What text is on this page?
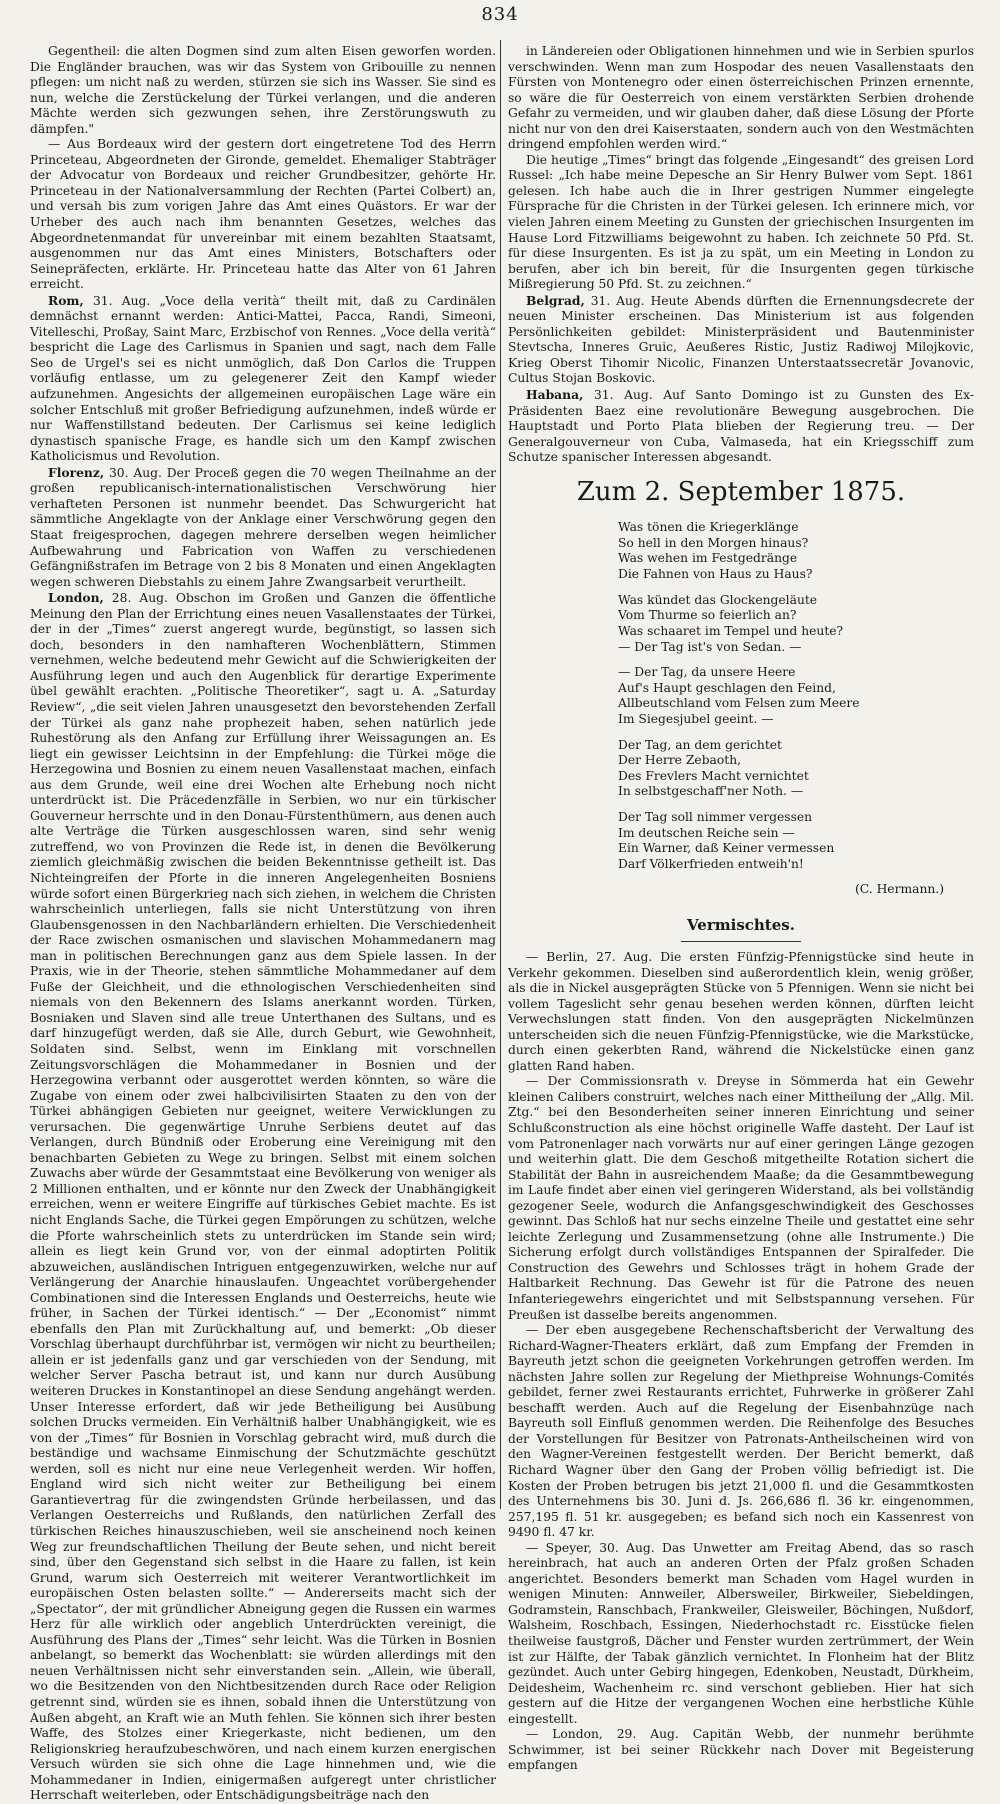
834

Gegentheil: die alten Dogmen sind zum alten Eisen geworfen worden. Die Engländer brauchen, was wir das System von Gribouille zu nennen pflegen: um nicht naß zu werden, stürzen sie sich ins Wasser. Sie sind es nun, welche die Zerstückelung der Türkei verlangen, und die anderen Mächte werden sich gezwungen sehen, ihre Zerstörungswuth zu dämpfen."

— Aus Bordeaux wird der gestern dort eingetretene Tod des Herrn Princeteau, Abgeordneten der Gironde, gemeldet. Ehemaliger Stabträger der Advocatur von Bordeaux und reicher Grundbesitzer, gehörte Hr. Princeteau in der Nationalversammlung der Rechten (Partei Colbert) an, und versah bis zum vorigen Jahre das Amt eines Quästors. Er war der Urheber des auch nach ihm benannten Gesetzes, welches das Abgeordnetenmandat für unvereinbar mit einem bezahlten Staatsamt, ausgenommen nur das Amt eines Ministers, Botschafters oder Seinepräfecten, erklärte. Hr. Princeteau hatte das Alter von 61 Jahren erreicht.

Rom, 31. Aug. „Voce della verità“ theilt mit, daß zu Cardinälen demnächst ernannt werden: Antici-Mattei, Pacca, Randi, Simeoni, Vitelleschi, Proßay, Saint Marc, Erzbischof von Rennes. „Voce della verità“ bespricht die Lage des Carlismus in Spanien und sagt, nach dem Falle Seo de Urgel's sei es nicht unmöglich, daß Don Carlos die Truppen vorläufig entlasse, um zu gelegenerer Zeit den Kampf wieder aufzunehmen. Angesichts der allgemeinen europäischen Lage wäre ein solcher Entschluß mit großer Befriedigung aufzunehmen, indeß würde er nur Waffenstillstand bedeuten. Der Carlismus sei keine lediglich dynastisch spanische Frage, es handle sich um den Kampf zwischen Katholicismus und Revolution.

Florenz, 30. Aug. Der Proceß gegen die 70 wegen Theilnahme an der großen republicanisch-internationalistischen Verschwörung hier verhafteten Personen ist nunmehr beendet. Das Schwurgericht hat sämmtliche Angeklagte von der Anklage einer Verschwörung gegen den Staat freigesprochen, dagegen mehrere derselben wegen heimlicher Aufbewahrung und Fabrication von Waffen zu verschiedenen Gefängnißstrafen im Betrage von 2 bis 8 Monaten und einen Angeklagten wegen schweren Diebstahls zu einem Jahre Zwangsarbeit verurtheilt.

London, 28. Aug. Obschon im Großen und Ganzen die öffentliche Meinung den Plan der Errichtung eines neuen Vasallenstaates der Türkei, der in der „Times“ zuerst angeregt wurde, begünstigt, so lassen sich doch, besonders in den namhafteren Wochenblättern, Stimmen vernehmen, welche bedeutend mehr Gewicht auf die Schwierigkeiten der Ausführung legen und auch den Augenblick für derartige Experimente übel gewählt erachten. „Politische Theoretiker“, sagt u. A. „Saturday Review“, „die seit vielen Jahren unausgesetzt den bevorstehenden Zerfall der Türkei als ganz nahe prophezeit haben, sehen natürlich jede Ruhestörung als den Anfang zur Erfüllung ihrer Weissagungen an. Es liegt ein gewisser Leichtsinn in der Empfehlung: die Türkei möge die Herzegowina und Bosnien zu einem neuen Vasallenstaat machen, einfach aus dem Grunde, weil eine drei Wochen alte Erhebung noch nicht unterdrückt ist. Die Präcedenzfälle in Serbien, wo nur ein türkischer Gouverneur herrschte und in den Donau-Fürstenthümern, aus denen auch alte Verträge die Türken ausgeschlossen waren, sind sehr wenig zutreffend, wo von Provinzen die Rede ist, in denen die Bevölkerung ziemlich gleichmäßig zwischen die beiden Bekenntnisse getheilt ist. Das Nichteingreifen der Pforte in die inneren Angelegenheiten Bosniens würde sofort einen Bürgerkrieg nach sich ziehen, in welchem die Christen wahrscheinlich unterliegen, falls sie nicht Unterstützung von ihren Glaubensgenossen in den Nachbarländern erhielten. Die Verschiedenheit der Race zwischen osmanischen und slavischen Mohammedanern mag man in politischen Berechnungen ganz aus dem Spiele lassen. In der Praxis, wie in der Theorie, stehen sämmtliche Mohammedaner auf dem Fuße der Gleichheit, und die ethnologischen Verschiedenheiten sind niemals von den Bekennern des Islams anerkannt worden. Türken, Bosniaken und Slaven sind alle treue Unterthanen des Sultans, und es darf hinzugefügt werden, daß sie Alle, durch Geburt, wie Gewohnheit, Soldaten sind. Selbst, wenn im Einklang mit vorschnellen Zeitungsvorschlägen die Mohammedaner in Bosnien und der Herzegowina verbannt oder ausgerottet werden könnten, so wäre die Zugabe von einem oder zwei halbcivilisirten Staaten zu den von der Türkei abhängigen Gebieten nur geeignet, weitere Verwicklungen zu verursachen. Die gegenwärtige Unruhe Serbiens deutet auf das Verlangen, durch Bündniß oder Eroberung eine Vereinigung mit den benachbarten Gebieten zu Wege zu bringen. Selbst mit einem solchen Zuwachs aber würde der Gesammtstaat eine Bevölkerung von weniger als 2 Millionen enthalten, und er könnte nur den Zweck der Unabhängigkeit erreichen, wenn er weitere Eingriffe auf türkisches Gebiet machte. Es ist nicht Englands Sache, die Türkei gegen Empörungen zu schützen, welche die Pforte wahrscheinlich stets zu unterdrücken im Stande sein wird; allein es liegt kein Grund vor, von der einmal adoptirten Politik abzuweichen, ausländischen Intriguen entgegenzuwirken, welche nur auf Verlängerung der Anarchie hinauslaufen. Ungeachtet vorübergehender Combinationen sind die Interessen Englands und Oesterreichs, heute wie früher, in Sachen der Türkei identisch.“ — Der „Economist“ nimmt ebenfalls den Plan mit Zurückhaltung auf, und bemerkt: „Ob dieser Vorschlag überhaupt durchführbar ist, vermögen wir nicht zu beurtheilen; allein er ist jedenfalls ganz und gar verschieden von der Sendung, mit welcher Server Pascha betraut ist, und kann nur durch Ausübung weiteren Druckes in Konstantinopel an diese Sendung angehängt werden. Unser Interesse erfordert, daß wir jede Betheiligung bei Ausübung solchen Drucks vermeiden. Ein Verhältniß halber Unabhängigkeit, wie es von der „Times“ für Bosnien in Vorschlag gebracht wird, muß durch die beständige und wachsame Einmischung der Schutzmächte geschützt werden, soll es nicht nur eine neue Verlegenheit werden. Wir hoffen, England wird sich nicht weiter zur Betheiligung bei einem Garantievertrag für die zwingendsten Gründe herbeilassen, und das Verlangen Oesterreichs und Rußlands, den natürlichen Zerfall des türkischen Reiches hinauszuschieben, weil sie anscheinend noch keinen Weg zur freundschaftlichen Theilung der Beute sehen, und nicht bereit sind, über den Gegenstand sich selbst in die Haare zu fallen, ist kein Grund, warum sich Oesterreich mit weiterer Verantwortlichkeit im europäischen Osten belasten sollte.“ — Andererseits macht sich der „Spectator“, der mit gründlicher Abneigung gegen die Russen ein warmes Herz für alle wirklich oder angeblich Unterdrückten vereinigt, die Ausführung des Plans der „Times“ sehr leicht. Was die Türken in Bosnien anbelangt, so bemerkt das Wochenblatt: sie würden allerdings mit den neuen Verhältnissen nicht sehr einverstanden sein. „Allein, wie überall, wo die Besitzenden von den Nichtbesitzenden durch Race oder Religion getrennt sind, würden sie es ihnen, sobald ihnen die Unterstützung von Außen abgeht, an Kraft wie an Muth fehlen. Sie können sich ihrer besten Waffe, des Stolzes einer Kriegerkaste, nicht bedienen, um den Religionskrieg heraufzubeschwören, und nach einem kurzen energischen Versuch würden sie sich ohne die Lage hinnehmen und, wie die Mohammedaner in Indien, einigermaßen aufgeregt unter christlicher Herrschaft weiterleben, oder Entschädigungsbeiträge nach den

in Ländereien oder Obligationen hinnehmen und wie in Serbien spurlos verschwinden. Wenn man zum Hospodar des neuen Vasallenstaats den Fürsten von Montenegro oder einen österreichischen Prinzen ernennte, so wäre die für Oesterreich von einem verstärkten Serbien drohende Gefahr zu vermeiden, und wir glauben daher, daß diese Lösung der Pforte nicht nur von den drei Kaiserstaaten, sondern auch von den Westmächten dringend empfohlen werden wird.“

Die heutige „Times“ bringt das folgende „Eingesandt“ des greisen Lord Russel: „Ich habe meine Depesche an Sir Henry Bulwer vom Sept. 1861 gelesen. Ich habe auch die in Ihrer gestrigen Nummer eingelegte Fürsprache für die Christen in der Türkei gelesen. Ich erinnere mich, vor vielen Jahren einem Meeting zu Gunsten der griechischen Insurgenten im Hause Lord Fitzwilliams beigewohnt zu haben. Ich zeichnete 50 Pfd. St. für diese Insurgenten. Es ist ja zu spät, um ein Meeting in London zu berufen, aber ich bin bereit, für die Insurgenten gegen türkische Mißregierung 50 Pfd. St. zu zeichnen.“

Belgrad, 31. Aug. Heute Abends dürften die Ernennungsdecrete der neuen Minister erscheinen. Das Ministerium ist aus folgenden Persönlichkeiten gebildet: Ministerpräsident und Bautenminister Stevtscha, Inneres Gruic, Aeußeres Ristic, Justiz Radiwoj Milojkovic, Krieg Oberst Tihomir Nicolic, Finanzen Unterstaatssecretär Jovanovic, Cultus Stojan Boskovic.

Habana, 31. Aug. Auf Santo Domingo ist zu Gunsten des Ex-Präsidenten Baez eine revolutionäre Bewegung ausgebrochen. Die Hauptstadt und Porto Plata blieben der Regierung treu. — Der Generalgouverneur von Cuba, Valmaseda, hat ein Kriegsschiff zum Schutze spanischer Interessen abgesandt.

Zum 2. September 1875.
Was tönen die Kriegerklänge
So hell in den Morgen hinaus?
Was wehen im Festgedränge
Die Fahnen von Haus zu Haus?
Was kündet das Glockengeläute
Vom Thurme so feierlich an?
Was schaaret im Tempel und heute?
— Der Tag ist's von Sedan. —
— Der Tag, da unsere Heere
Auf's Haupt geschlagen den Feind,
Allbeutschland vom Felsen zum Meere
Im Siegesjubel geeint. —
Der Tag, an dem gerichtet
Der Herre Zebaoth,
Des Frevlers Macht vernichtet
In selbstgeschaff'ner Noth. —
Der Tag soll nimmer vergessen
Im deutschen Reiche sein —
Ein Warner, daß Keiner vermessen
Darf Völkerfrieden entweih'n!
(C. Hermann.)
Vermischtes.

— Berlin, 27. Aug. Die ersten Fünfzig-Pfennigstücke sind heute in Verkehr gekommen. Dieselben sind außerordentlich klein, wenig größer, als die in Nickel ausgeprägten Stücke von 5 Pfennigen. Wenn sie nicht bei vollem Tageslicht sehr genau besehen werden können, dürften leicht Verwechslungen statt finden. Von den ausgeprägten Nickelmünzen unterscheiden sich die neuen Fünfzig-Pfennigstücke, wie die Markstücke, durch einen gekerbten Rand, während die Nickelstücke einen ganz glatten Rand haben.

— Der Commissionsrath v. Dreyse in Sömmerda hat ein Gewehr kleinen Calibers construirt, welches nach einer Mittheilung der „Allg. Mil. Ztg.“ bei den Besonderheiten seiner inneren Einrichtung und seiner Schlußconstruction als eine höchst originelle Waffe dasteht. Der Lauf ist vom Patronenlager nach vorwärts nur auf einer geringen Länge gezogen und weiterhin glatt. Die dem Geschoß mitgetheilte Rotation sichert die Stabilität der Bahn in ausreichendem Maaße; da die Gesammtbewegung im Laufe findet aber einen viel geringeren Widerstand, als bei vollständig gezogener Seele, wodurch die Anfangsgeschwindigkeit des Geschosses gewinnt. Das Schloß hat nur sechs einzelne Theile und gestattet eine sehr leichte Zerlegung und Zusammensetzung (ohne alle Instrumente.) Die Sicherung erfolgt durch vollständiges Entspannen der Spiralfeder. Die Construction des Gewehrs und Schlosses trägt in hohem Grade der Haltbarkeit Rechnung. Das Gewehr ist für die Patrone des neuen Infanteriegewehrs eingerichtet und mit Selbstspannung versehen. Für Preußen ist dasselbe bereits angenommen.

— Der eben ausgegebene Rechenschaftsbericht der Verwaltung des Richard-Wagner-Theaters erklärt, daß zum Empfang der Fremden in Bayreuth jetzt schon die geeigneten Vorkehrungen getroffen werden. Im nächsten Jahre sollen zur Regelung der Miethpreise Wohnungs-Comités gebildet, ferner zwei Restaurants errichtet, Fuhrwerke in größerer Zahl beschafft werden. Auch auf die Regelung der Eisenbahnzüge nach Bayreuth soll Einfluß genommen werden. Die Reihenfolge des Besuches der Vorstellungen für Besitzer von Patronats-Antheilscheinen wird von den Wagner-Vereinen festgestellt werden. Der Bericht bemerkt, daß Richard Wagner über den Gang der Proben völlig befriedigt ist. Die Kosten der Proben betrugen bis jetzt 21,000 fl. und die Gesammtkosten des Unternehmens bis 30. Juni d. Js. 266,686 fl. 36 kr. eingenommen, 257,195 fl. 51 kr. ausgegeben; es befand sich noch ein Kassenrest von 9490 fl. 47 kr.

— Speyer, 30. Aug. Das Unwetter am Freitag Abend, das so rasch hereinbrach, hat auch an anderen Orten der Pfalz großen Schaden angerichtet. Besonders bemerkt man Schaden vom Hagel wurden in wenigen Minuten: Annweiler, Albersweiler, Birkweiler, Siebeldingen, Godramstein, Ranschbach, Frankweiler, Gleisweiler, Böchingen, Nußdorf, Walsheim, Roschbach, Essingen, Niederhochstadt rc. Eisstücke fielen theilweise faustgroß, Dächer und Fenster wurden zertrümmert, der Wein ist zur Hälfte, der Tabak gänzlich vernichtet. In Flonheim hat der Blitz gezündet. Auch unter Gebirg hingegen, Edenkoben, Neustadt, Dürkheim, Deidesheim, Wachenheim rc. sind verschont geblieben. Hier hat sich gestern auf die Hitze der vergangenen Wochen eine herbstliche Kühle eingestellt.

— London, 29. Aug. Capitän Webb, der nunmehr berühmte Schwimmer, ist bei seiner Rückkehr nach Dover mit Begeisterung empfangen
